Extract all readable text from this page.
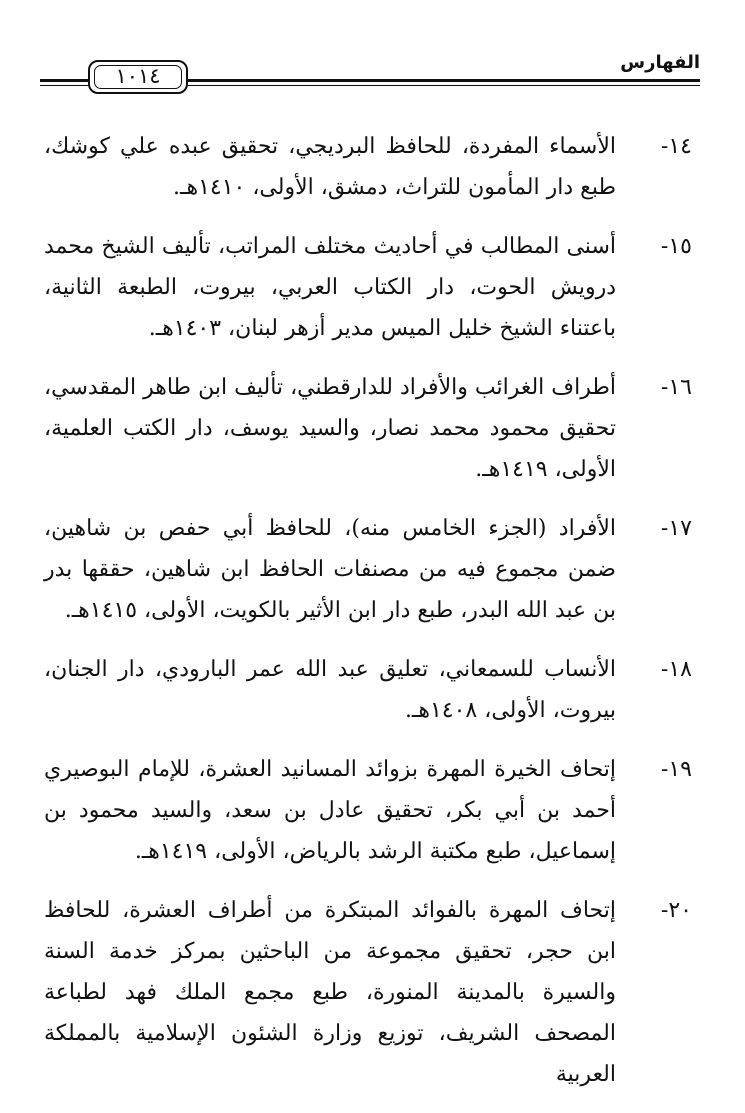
الفهارس
١٠١٤
١٤-
الأسماء المفردة، للحافظ البرديجي، تحقيق عبده علي كوشك، طبع دار المأمون للتراث، دمشق، الأولى، ١٤١٠هـ.
١٥-
أسنى المطالب في أحاديث مختلف المراتب، تأليف الشيخ محمد درويش الحوت، دار الكتاب العربي، بيروت، الطبعة الثانية، باعتناء الشيخ خليل الميس مدير أزهر لبنان، ١٤٠٣هـ.
١٦-
أطراف الغرائب والأفراد للدارقطني، تأليف ابن طاهر المقدسي، تحقيق محمود محمد نصار، والسيد يوسف، دار الكتب العلمية، الأولى، ١٤١٩هـ.
١٧-
الأفراد (الجزء الخامس منه)، للحافظ أبي حفص بن شاهين، ضمن مجموع فيه من مصنفات الحافظ ابن شاهين، حققها بدر بن عبد الله البدر، طبع دار ابن الأثير بالكويت، الأولى، ١٤١٥هـ.
١٨-
الأنساب للسمعاني، تعليق عبد الله عمر البارودي، دار الجنان، بيروت، الأولى، ١٤٠٨هـ.
١٩-
إتحاف الخيرة المهرة بزوائد المسانيد العشرة، للإمام البوصيري أحمد بن أبي بكر، تحقيق عادل بن سعد، والسيد محمود بن إسماعيل، طبع مكتبة الرشد بالرياض، الأولى، ١٤١٩هـ.
٢٠-
إتحاف المهرة بالفوائد المبتكرة من أطراف العشرة، للحافظ ابن حجر، تحقيق مجموعة من الباحثين بمركز خدمة السنة والسيرة بالمدينة المنورة، طبع مجمع الملك فهد لطباعة المصحف الشريف، توزيع وزارة الشئون الإسلامية بالمملكة العربية
